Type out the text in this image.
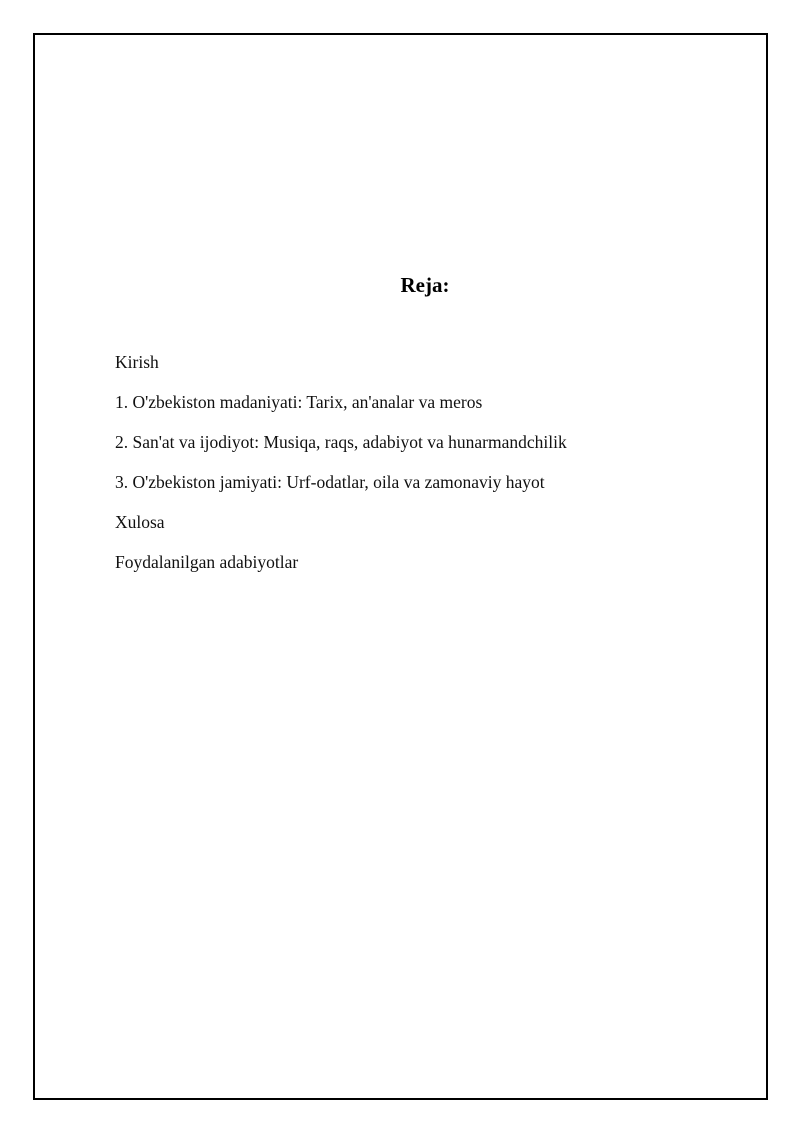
Reja:
Kirish
1. O'zbekiston madaniyati: Tarix, an'analar va meros
2. San'at va ijodiyot: Musiqa, raqs, adabiyot va hunarmandchilik
3. O'zbekiston jamiyati: Urf-odatlar, oila va zamonaviy hayot
Xulosa
Foydalanilgan adabiyotlar
